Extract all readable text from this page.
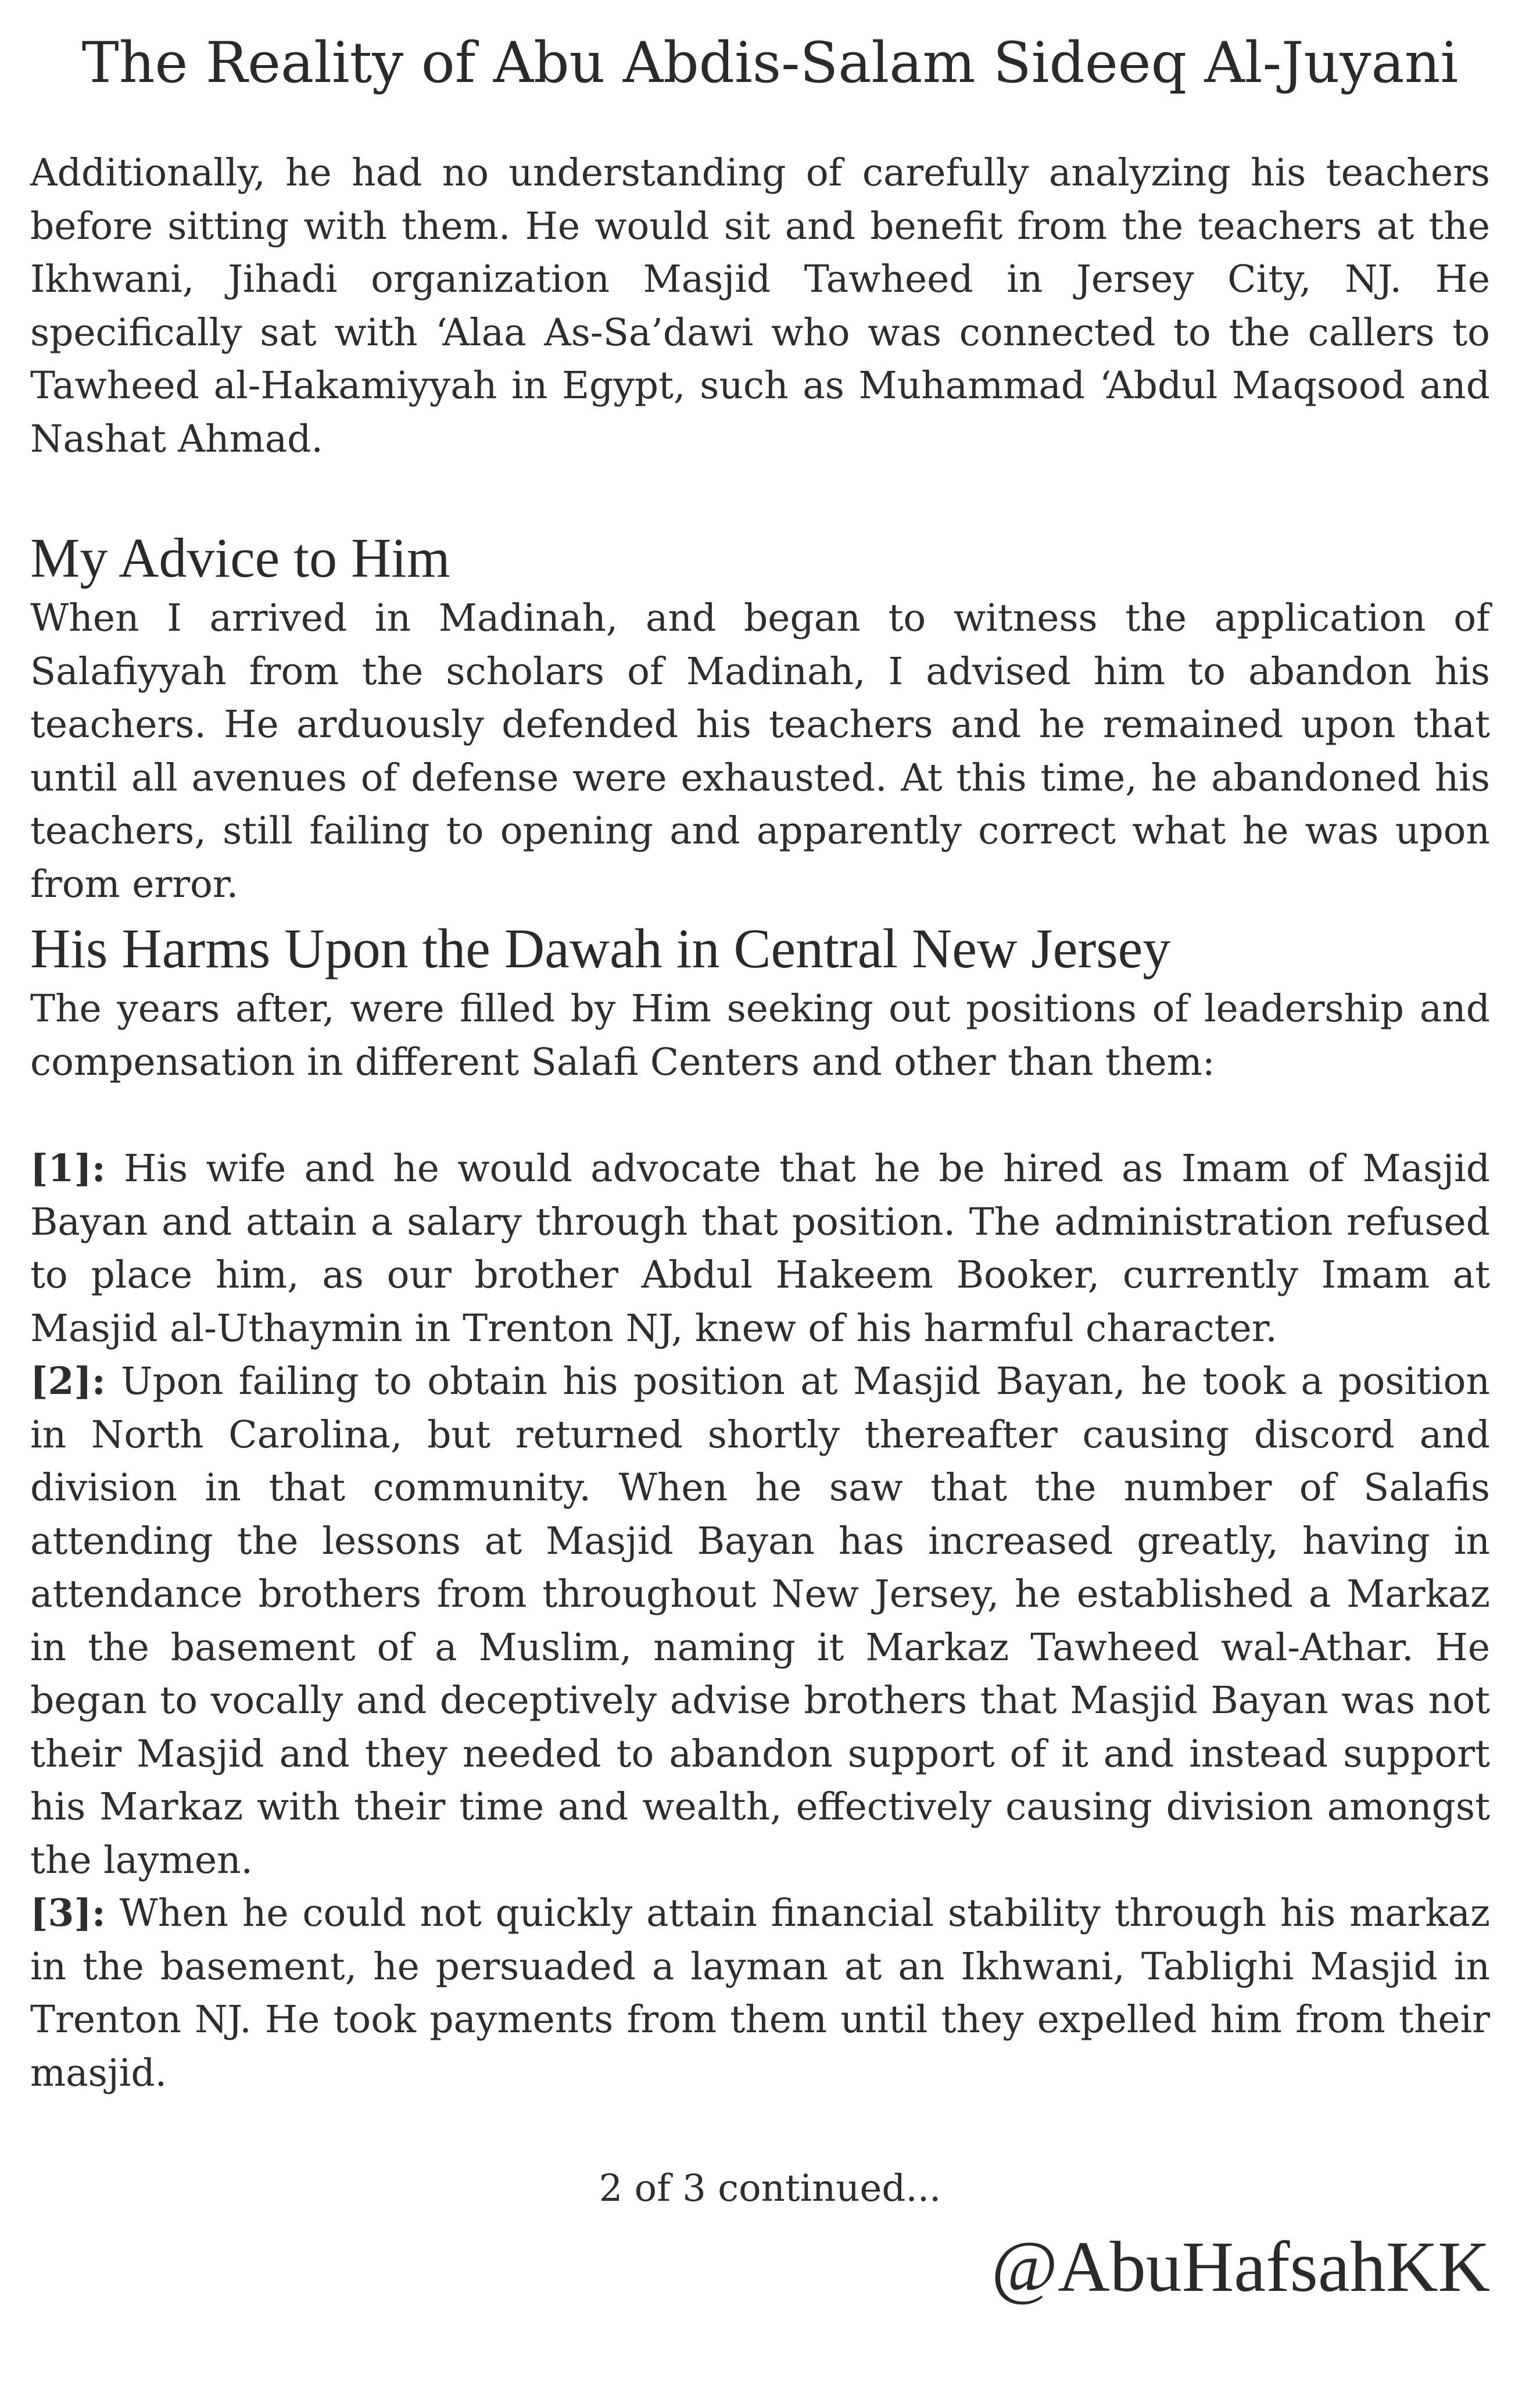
The Reality of Abu Abdis-Salam Sideeq Al-Juyani

Additionally, he had no understanding of carefully analyzing his teachers before sitting with them. He would sit and benefit from the teachers at the Ikhwani, Jihadi organization Masjid Tawheed in Jersey City, NJ. He specifically sat with ‘Alaa As-Sa’dawi who was connected to the callers to Tawheed al-Hakamiyyah in Egypt, such as Muhammad ‘Abdul Maqsood and Nashat Ahmad.

My Advice to Him

When I arrived in Madinah, and began to witness the application of Salafiyyah from the scholars of Madinah, I advised him to abandon his teachers. He arduously defended his teachers and he remained upon that until all avenues of defense were exhausted. At this time, he abandoned his teachers, still failing to opening and apparently correct what he was upon from error.

His Harms Upon the Dawah in Central New Jersey

The years after, were filled by Him seeking out positions of leadership and compensation in different Salafi Centers and other than them:

[1]: His wife and he would advocate that he be hired as Imam of Masjid Bayan and attain a salary through that position. The administration refused to place him, as our brother Abdul Hakeem Booker, currently Imam at Masjid al-Uthaymin in Trenton NJ, knew of his harmful character.

[2]: Upon failing to obtain his position at Masjid Bayan, he took a position in North Carolina, but returned shortly thereafter causing discord and division in that community. When he saw that the number of Salafis attending the lessons at Masjid Bayan has increased greatly, having in attendance brothers from throughout New Jersey, he established a Markaz in the basement of a Muslim, naming it Markaz Tawheed wal-Athar. He began to vocally and deceptively advise brothers that Masjid Bayan was not their Masjid and they needed to abandon support of it and instead support his Markaz with their time and wealth, effectively causing division amongst the laymen.

[3]: When he could not quickly attain financial stability through his markaz in the basement, he persuaded a layman at an Ikhwani, Tablighi Masjid in Trenton NJ. He took payments from them until they expelled him from their masjid.

2 of 3 continued...

@AbuHafsahKK
